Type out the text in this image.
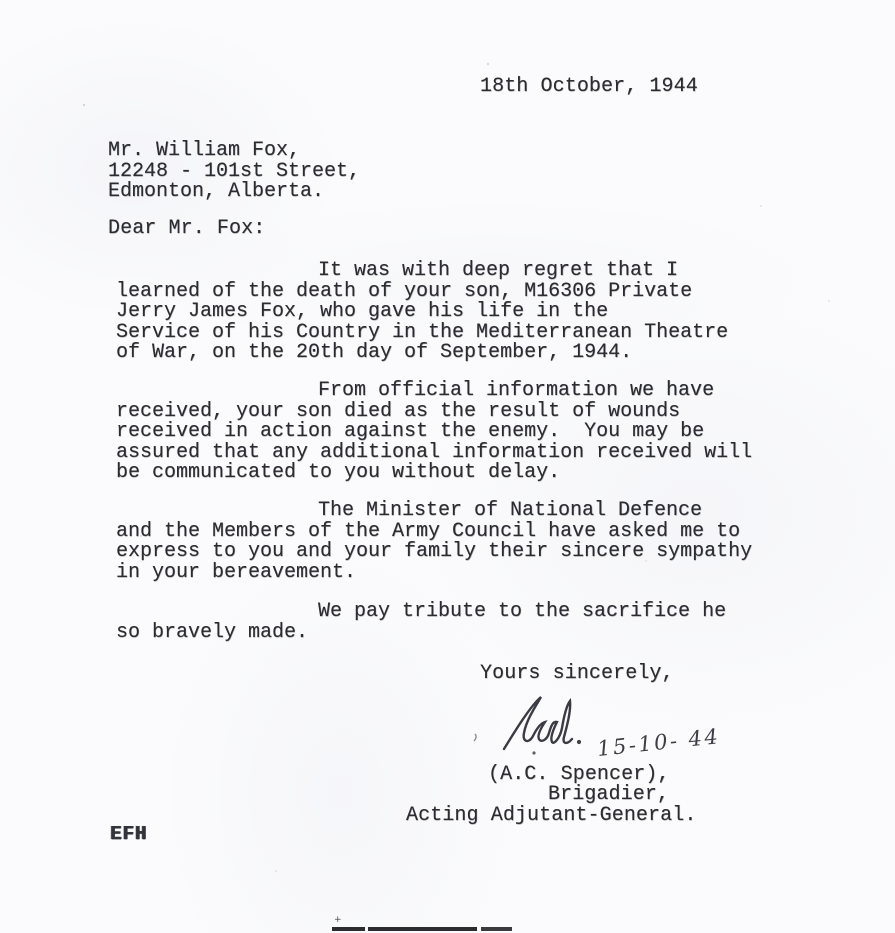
18th October, 1944
Mr. William Fox,
12248 - 101st Street,
Edmonton, Alberta.
Dear Mr. Fox:
It was with deep regret that I
learned of the death of your son, M16306 Private
Jerry James Fox, who gave his life in the
Service of his Country in the Mediterranean Theatre
of War, on the 20th day of September, 1944.
From official information we have
received, your son died as the result of wounds
received in action against the enemy.  You may be
assured that any additional information received will
be communicated to you without delay.
The Minister of National Defence
and the Members of the Army Council have asked me to
express to you and your family their sincere sympathy
in your bereavement.
We pay tribute to the sacrifice he
so bravely made.
Yours sincerely,
15-10- 44
(A.C. Spencer),
Brigadier,
Acting Adjutant-General.
EFH
+
